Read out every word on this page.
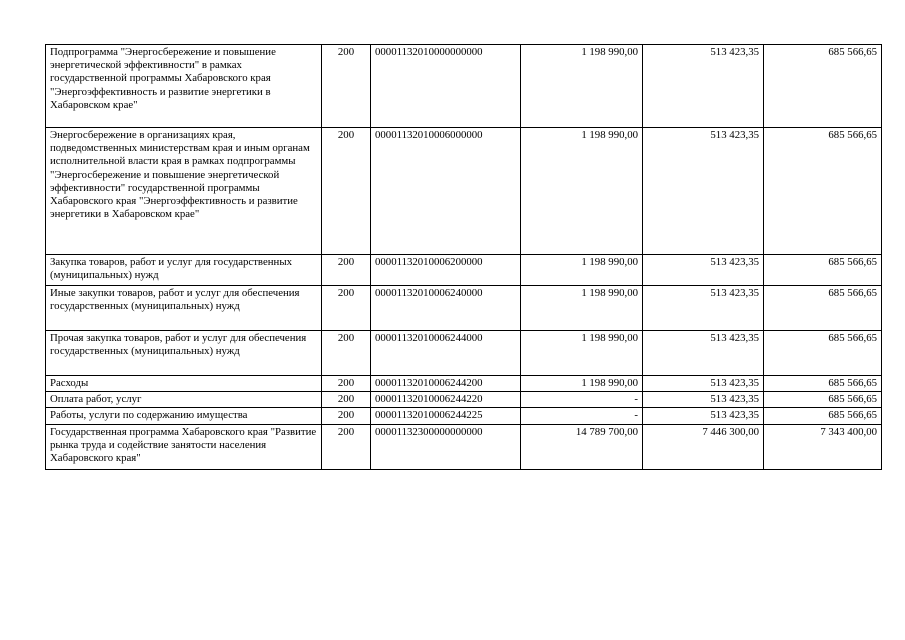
Подпрограмма "Энергосбережение и повышение энергетической эффективности" в рамках государственной программы Хабаровского края "Энергоэффективность и развитие энергетики в Хабаровском крае"	200	00001132010000000000	1 198 990,00	513 423,35	685 566,65
Энергосбережение в организациях края, подведомственных министерствам края и иным органам исполнительной власти края в рамках подпрограммы "Энергосбережение и повышение энергетической эффективности" государственной программы Хабаровского края "Энергоэффективность и развитие энергетики в Хабаровском крае"	200	00001132010006000000	1 198 990,00	513 423,35	685 566,65
Закупка товаров, работ и услуг для государственных (муниципальных) нужд	200	00001132010006200000	1 198 990,00	513 423,35	685 566,65
Иные закупки товаров, работ и услуг для обеспечения государственных (муниципальных) нужд	200	00001132010006240000	1 198 990,00	513 423,35	685 566,65
Прочая закупка товаров, работ и услуг для обеспечения государственных (муниципальных) нужд	200	00001132010006244000	1 198 990,00	513 423,35	685 566,65
Расходы	200	00001132010006244200	1 198 990,00	513 423,35	685 566,65
Оплата работ, услуг	200	00001132010006244220	-	513 423,35	685 566,65
Работы, услуги по содержанию имущества	200	00001132010006244225	-	513 423,35	685 566,65
Государственная программа Хабаровского края "Развитие рынка труда и содействие занятости населения Хабаровского края"	200	00001132300000000000	14 789 700,00	7 446 300,00	7 343 400,00
